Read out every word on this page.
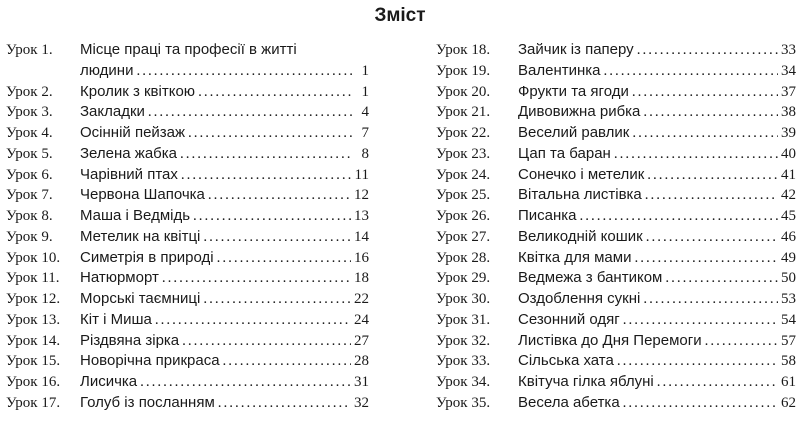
Зміст
Урок 1.	Місце праці та професії в житті
людини .....	1
Урок 2.	Кролик з квіткою .....	1
Урок 3.	Закладки .....	4
Урок 4.	Осінній пейзаж .....	7
Урок 5.	Зелена жабка .....	8
Урок 6.	Чарівний птах .....	11
Урок 7.	Червона Шапочка .....	12
Урок 8.	Маша і Ведмідь .....	13
Урок 9.	Метелик на квітці .....	14
Урок 10.	Симетрія в природі .....	16
Урок 11.	Натюрморт .....	18
Урок 12.	Морські таємниці .....	22
Урок 13.	Кіт і Миша .....	24
Урок 14.	Різдвяна зірка .....	27
Урок 15.	Новорічна прикраса .....	28
Урок 16.	Лисичка .....	31
Урок 17.	Голуб із посланням .....	32
Урок 18.	Зайчик із паперу .....	33
Урок 19.	Валентинка .....	34
Урок 20.	Фрукти та ягоди .....	37
Урок 21.	Дивовижна рибка .....	38
Урок 22.	Веселий равлик .....	39
Урок 23.	Цап та баран .....	40
Урок 24.	Сонечко і метелик .....	41
Урок 25.	Вітальна листівка .....	42
Урок 26.	Писанка .....	45
Урок 27.	Великодній кошик .....	46
Урок 28.	Квітка для мами .....	49
Урок 29.	Ведмежа з бантиком .....	50
Урок 30.	Оздоблення сукні .....	53
Урок 31.	Сезонний одяг .....	54
Урок 32.	Листівка до Дня Перемоги .....	57
Урок 33.	Сільська хата .....	58
Урок 34.	Квітуча гілка яблуні .....	61
Урок 35.	Весела абетка .....	62
